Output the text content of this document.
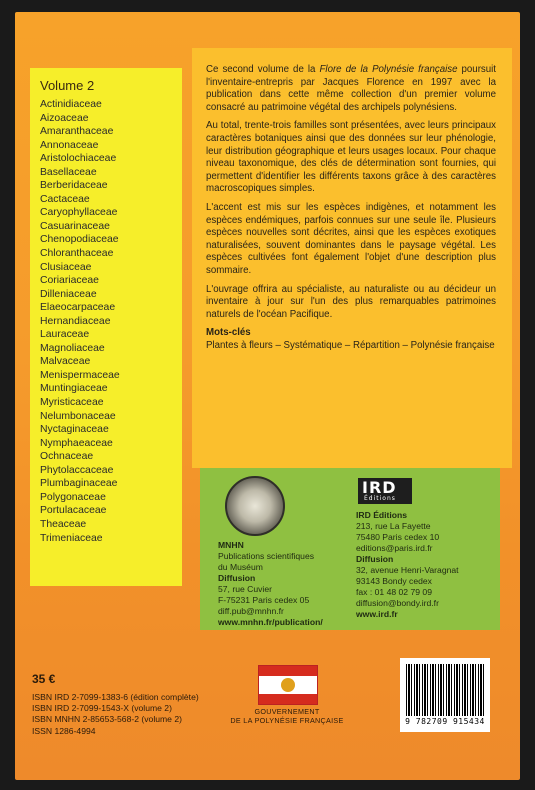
Volume 2
Actinidiaceae
Aizoaceae
Amaranthaceae
Annonaceae
Aristolochiaceae
Basellaceae
Berberidaceae
Cactaceae
Caryophyllaceae
Casuarinaceae
Chenopodiaceae
Chloranthaceae
Clusiaceae
Coriariaceae
Dilleniaceae
Elaeocarpaceae
Hernandiaceae
Lauraceae
Magnoliaceae
Malvaceae
Menispermaceae
Muntingiaceae
Myristicaceae
Nelumbonaceae
Nyctaginaceae
Nymphaeaceae
Ochnaceae
Phytolaccaceae
Plumbaginaceae
Polygonaceae
Portulacaceae
Theaceae
Trimeniaceae

Ce second volume de la Flore de la Polynésie française poursuit l'inventaire-entrepris par Jacques Florence en 1997 avec la publication dans cette même collection d'un premier volume consacré au patrimoine végétal des archipels polynésiens.

Au total, trente-trois familles sont présentées, avec leurs principaux caractères botaniques ainsi que des données sur leur phénologie, leur distribution géographique et leurs usages locaux. Pour chaque niveau taxonomique, des clés de détermination sont fournies, qui permettent d'identifier les différents taxons grâce à des caractères macroscopiques simples.

L'accent est mis sur les espèces indigènes, et notamment les espèces endémiques, parfois connues sur une seule île. Plusieurs espèces nouvelles sont décrites, ainsi que les espèces exotiques naturalisées, souvent dominantes dans le paysage végétal. Les espèces cultivées font également l'objet d'une description plus sommaire.

L'ouvrage offrira au spécialiste, au naturaliste ou au décideur un inventaire à jour sur l'un des plus remarquables patrimoines naturels de l'océan Pacifique.

Mots-clés
Plantes à fleurs – Systématique – Répartition – Polynésie française
IRD
Éditions
MNHN
Publications scientifiques
du Muséum
Diffusion
57, rue Cuvier
F-75231 Paris cedex 05
diff.pub@mnhn.fr
www.mnhn.fr/publication/
IRD Éditions
213, rue La Fayette
75480 Paris cedex 10
editions@paris.ird.fr
Diffusion
32, avenue Henri-Varagnat
93143 Bondy cedex
fax : 01 48 02 79 09
diffusion@bondy.ird.fr
www.ird.fr
35 €
ISBN IRD 2-7099-1383-6 (édition complète)
ISBN IRD 2-7099-1543-X (volume 2)
ISBN MNHN 2-85653-568-2 (volume 2)
ISSN 1286-4994
GOUVERNEMENT
DE LA POLYNÉSIE FRANÇAISE	9 782709 915434
